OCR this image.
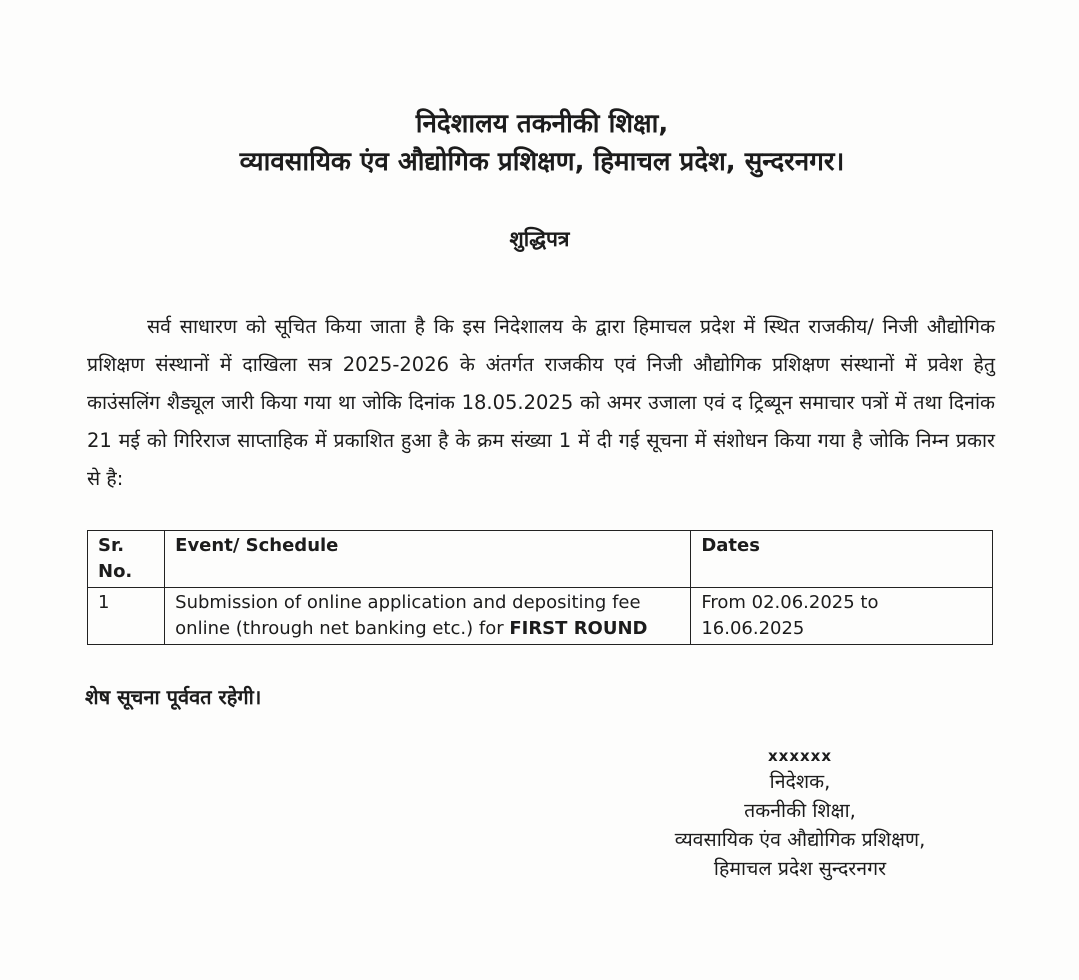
निदेशालय तकनीकी शिक्षा,
व्यावसायिक एंव औद्योगिक प्रशिक्षण, हिमाचल प्रदेश, सुन्दरनगर।
शुद्धिपत्र
सर्व साधारण को सूचित किया जाता है कि इस निदेशालय के द्वारा हिमाचल प्रदेश में स्थित राजकीय/ निजी औद्योगिक प्रशिक्षण संस्थानों में दाखिला सत्र 2025-2026 के अंतर्गत राजकीय एवं निजी औद्योगिक प्रशिक्षण संस्थानों में प्रवेश हेतु काउंसलिंग शैड्यूल जारी किया गया था जोकि दिनांक 18.05.2025 को अमर उजाला एवं द ट्रिब्यून समाचार पत्रों में तथा दिनांक 21 मई को गिरिराज साप्ताहिक में प्रकाशित हुआ है के क्रम संख्या 1 में दी गई सूचना में संशोधन किया गया है जोकि निम्न प्रकार से है:
Sr. No.	Event/ Schedule	Dates
1	Submission of online application and depositing fee online (through net banking etc.) for FIRST ROUND	From 02.06.2025 to 16.06.2025
शेष सूचना पूर्ववत रहेगी।
xxxxxx
निदेशक,
तकनीकी शिक्षा,
व्यवसायिक एंव औद्योगिक प्रशिक्षण,
हिमाचल प्रदेश सुन्दरनगर
